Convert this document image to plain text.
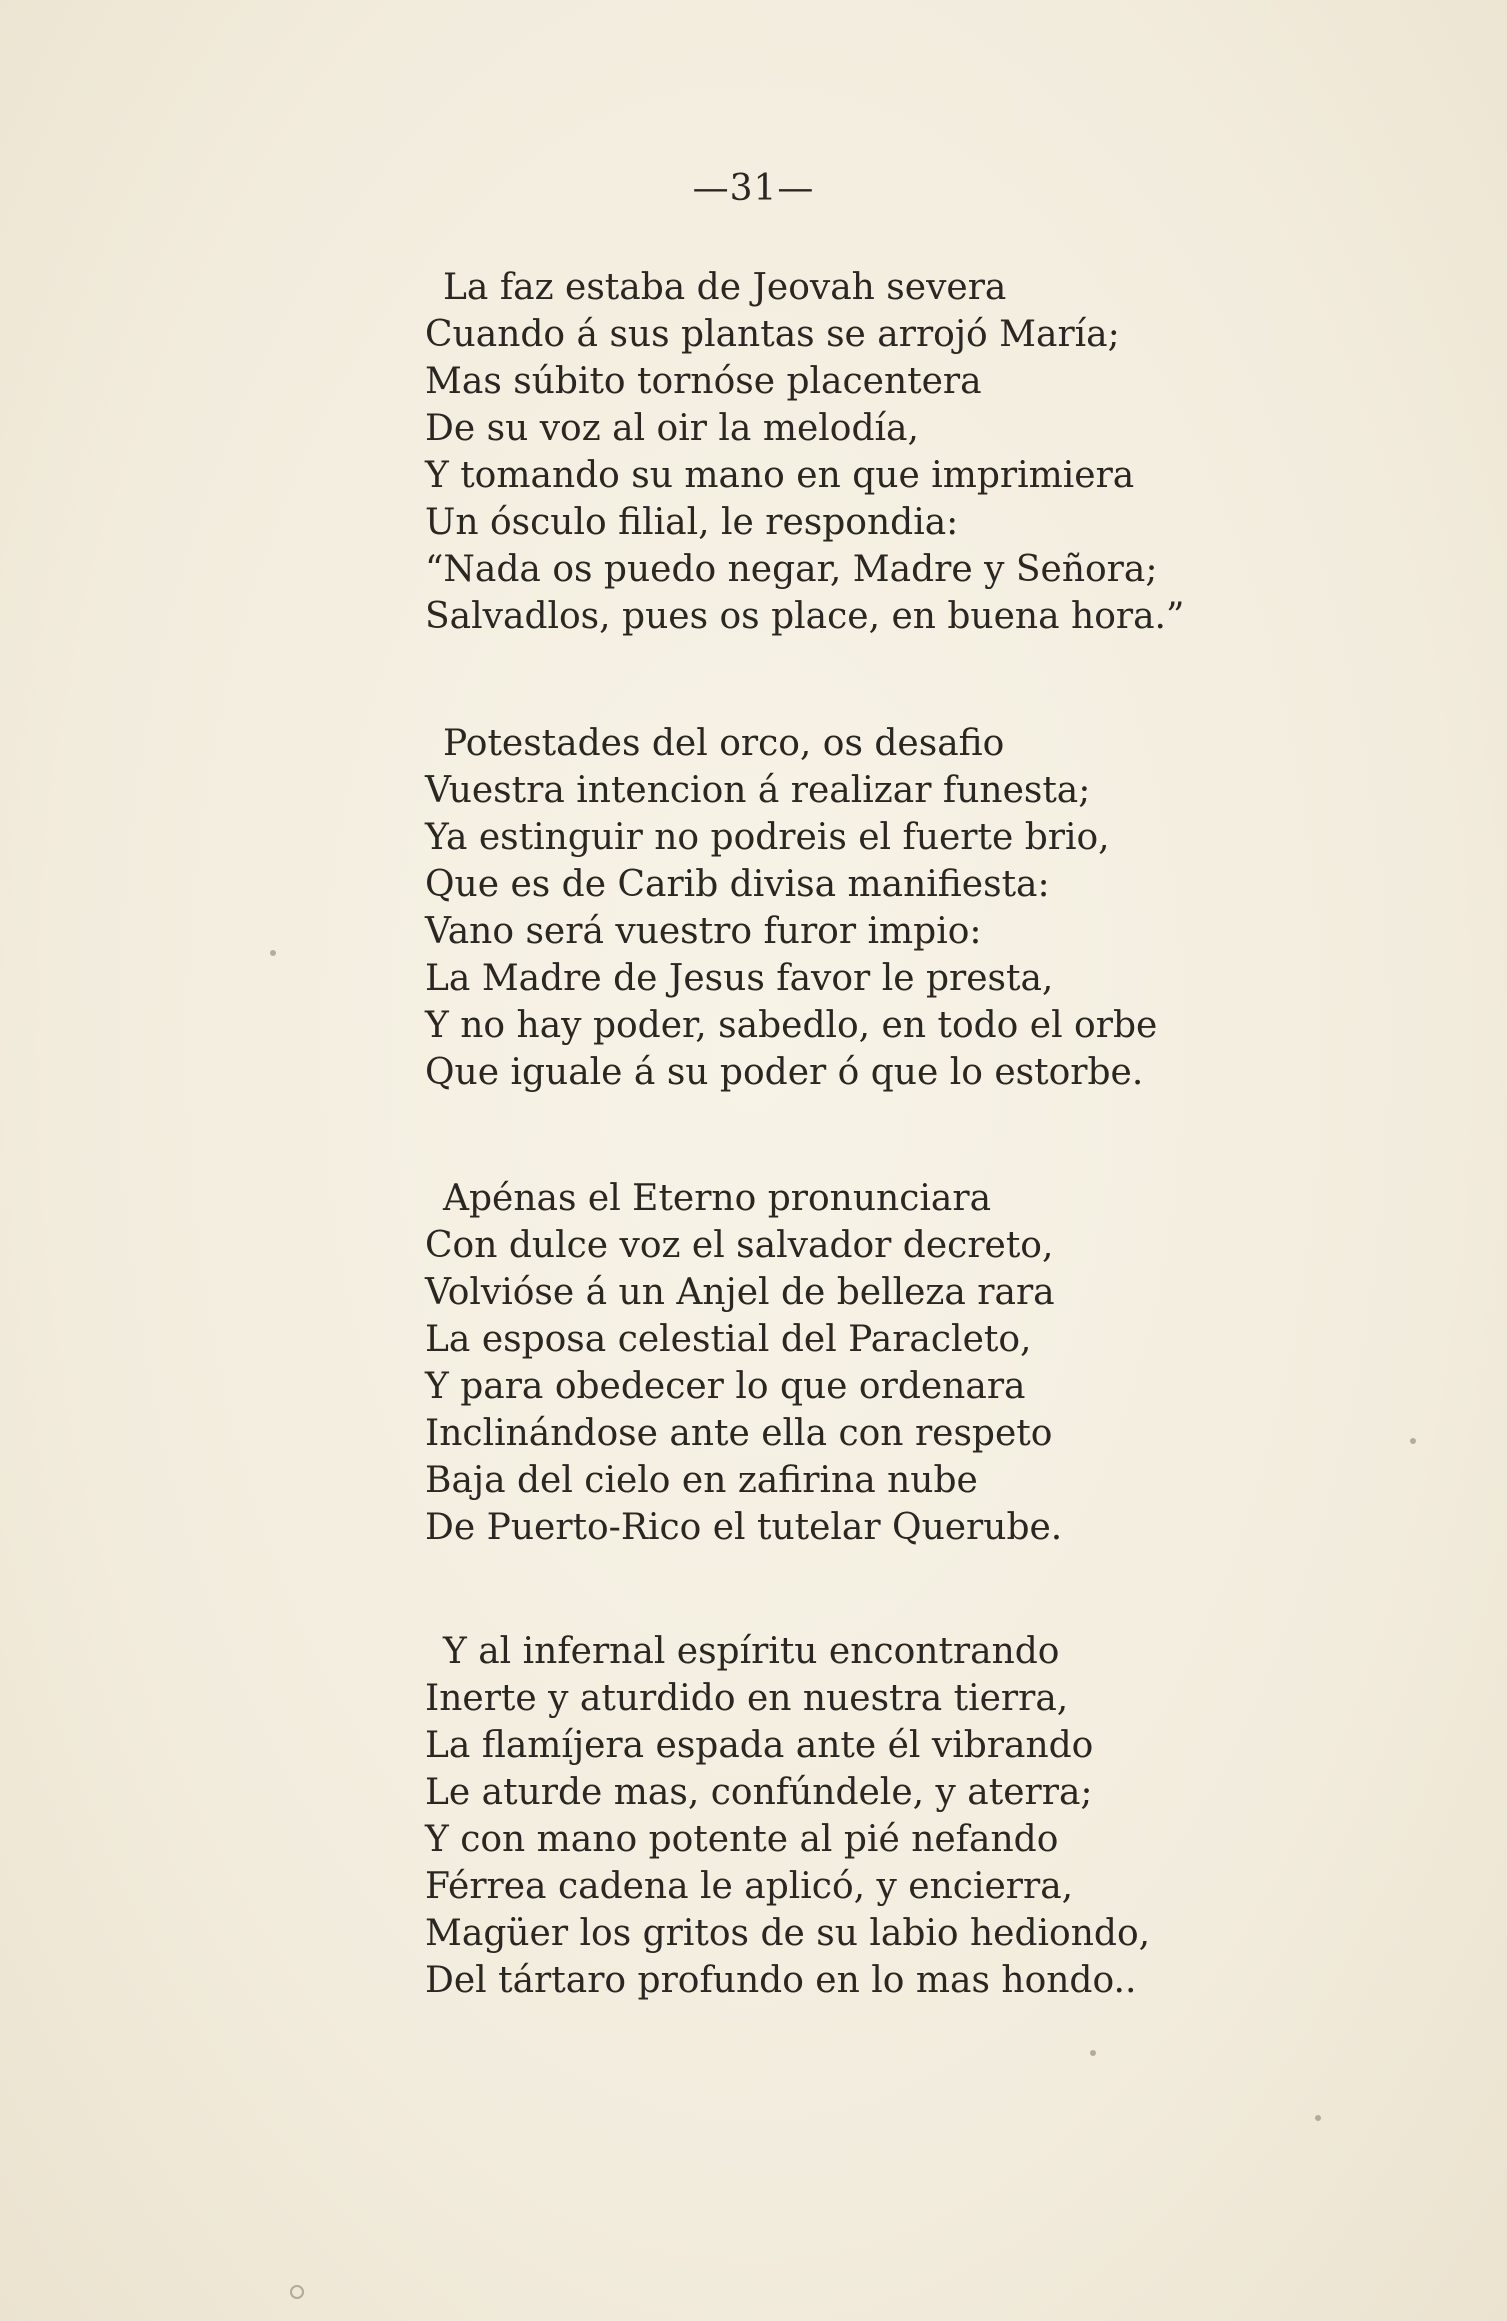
—31—
La faz estaba de Jeovah severa
Cuando á sus plantas se arrojó María;
Mas súbito tornóse placentera
De su voz al oir la melodía,
Y tomando su mano en que imprimiera
Un ósculo filial, le respondia:
“Nada os puedo negar, Madre y Señora;
Salvadlos, pues os place, en buena hora.”
Potestades del orco, os desafio
Vuestra intencion á realizar funesta;
Ya estinguir no podreis el fuerte brio,
Que es de Carib divisa manifiesta:
Vano será vuestro furor impio:
La Madre de Jesus favor le presta,
Y no hay poder, sabedlo, en todo el orbe
Que iguale á su poder ó que lo estorbe.
Apénas el Eterno pronunciara
Con dulce voz el salvador decreto,
Volvióse á un Anjel de belleza rara
La esposa celestial del Paracleto,
Y para obedecer lo que ordenara
Inclinándose ante ella con respeto
Baja del cielo en zafirina nube
De Puerto-Rico el tutelar Querube.
Y al infernal espíritu encontrando
Inerte y aturdido en nuestra tierra,
La flamíjera espada ante él vibrando
Le aturde mas, confúndele, y aterra;
Y con mano potente al pié nefando
Férrea cadena le aplicó, y encierra,
Magüer los gritos de su labio hediondo,
Del tártaro profundo en lo mas hondo..
